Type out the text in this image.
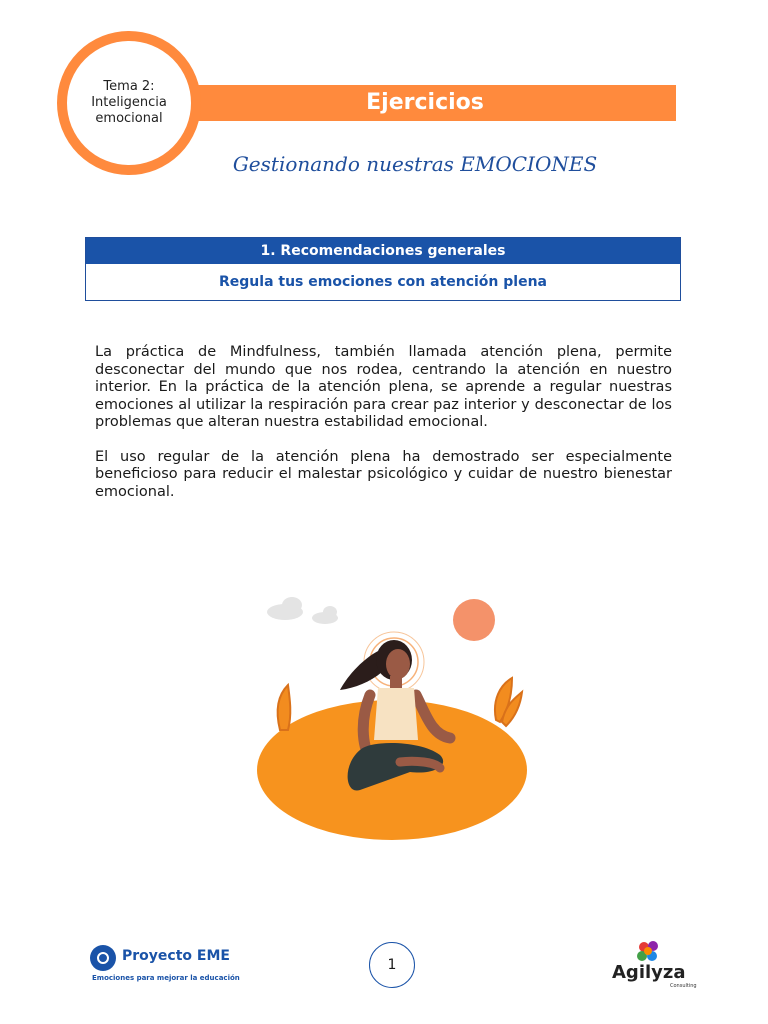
Ejercicios
Tema 2:
Inteligencia
emocional
Gestionando nuestras EMOCIONES
1. Recomendaciones generales
Regula tus emociones con atención plena

La práctica de Mindfulness, también llamada atención plena, permite desconectar del mundo que nos rodea, centrando la atención en nuestro interior. En la práctica de la atención plena, se aprende a regular nuestras emociones al utilizar la respiración para crear paz interior y desconectar de los problemas que alteran nuestra estabilidad emocional.

El uso regular de la atención plena ha demostrado ser especialmente beneficioso para reducir el malestar psicológico y cuidar de nuestro bienestar emocional.

Proyecto EME
Emociones para mejorar la educación
1	Agilyza
Consulting
